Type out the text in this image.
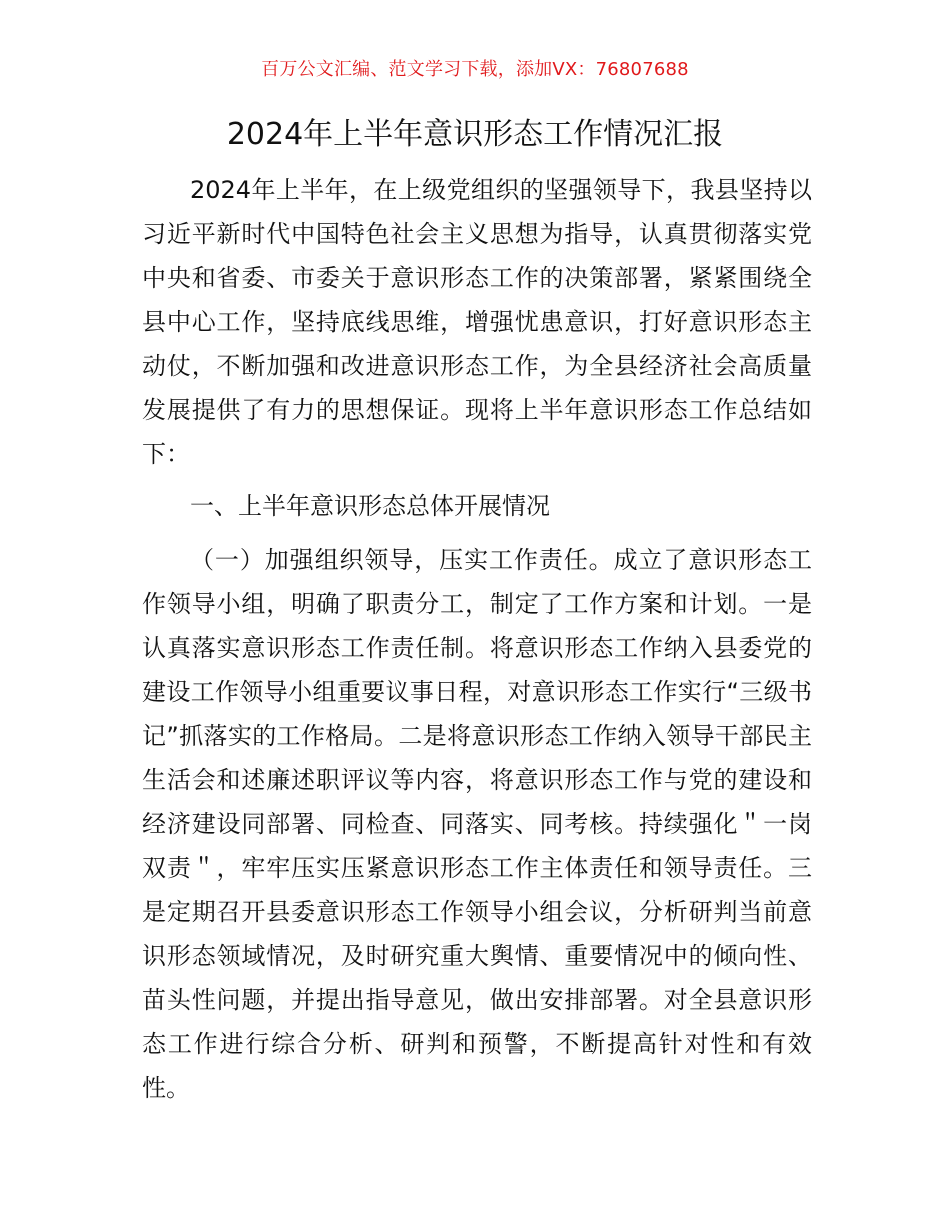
百万公文汇编、范文学习下载，添加VX：76807688
2024年上半年意识形态工作情况汇报
2024年上半年，在上级党组织的坚强领导下，我县坚持以习近平新时代中国特色社会主义思想为指导，认真贯彻落实党中央和省委、市委关于意识形态工作的决策部署，紧紧围绕全县中心工作，坚持底线思维，增强忧患意识，打好意识形态主动仗，不断加强和改进意识形态工作，为全县经济社会高质量发展提供了有力的思想保证。现将上半年意识形态工作总结如下：
一、上半年意识形态总体开展情况
（一）加强组织领导，压实工作责任。成立了意识形态工作领导小组，明确了职责分工，制定了工作方案和计划。一是认真落实意识形态工作责任制。将意识形态工作纳入县委党的建设工作领导小组重要议事日程，对意识形态工作实行“三级书记”抓落实的工作格局。二是将意识形态工作纳入领导干部民主生活会和述廉述职评议等内容，将意识形态工作与党的建设和经济建设同部署、同检查、同落实、同考核。持续强化＂一岗双责＂，牢牢压实压紧意识形态工作主体责任和领导责任。三是定期召开县委意识形态工作领导小组会议，分析研判当前意识形态领域情况，及时研究重大舆情、重要情况中的倾向性、苗头性问题，并提出指导意见，做出安排部署。对全县意识形态工作进行综合分析、研判和预警，不断提高针对性和有效性。
